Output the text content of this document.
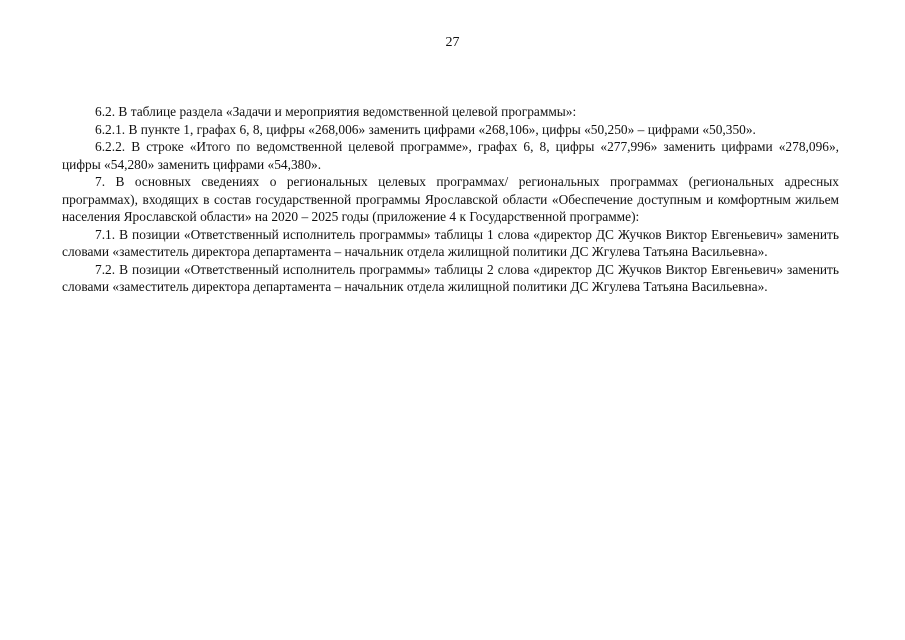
27

6.2. В таблице раздела «Задачи и мероприятия ведомственной целевой программы»:

6.2.1. В пункте 1, графах 6, 8, цифры «268,006» заменить цифрами «268,106», цифры «50,250» – цифрами «50,350».

6.2.2. В строке «Итого по ведомственной целевой программе», графах 6, 8, цифры «277,996» заменить цифрами «278,096», цифры «54,280» заменить цифрами «54,380».

7. В основных сведениях о региональных целевых программах/ региональных программах (региональных адресных программах), входящих в состав государственной программы Ярославской области «Обеспечение доступным и комфортным жильем населения Ярославской области» на 2020 – 2025 годы (приложение 4 к Государственной программе):

7.1. В позиции «Ответственный исполнитель программы» таблицы 1 слова «директор ДС Жучков Виктор Евгеньевич» заменить словами «заместитель директора департамента – начальник отдела жилищной политики ДС Жгулева Татьяна Васильевна».

7.2. В позиции «Ответственный исполнитель программы» таблицы 2 слова «директор ДС Жучков Виктор Евгеньевич» заменить словами «заместитель директора департамента – начальник отдела жилищной политики ДС Жгулева Татьяна Васильевна».
